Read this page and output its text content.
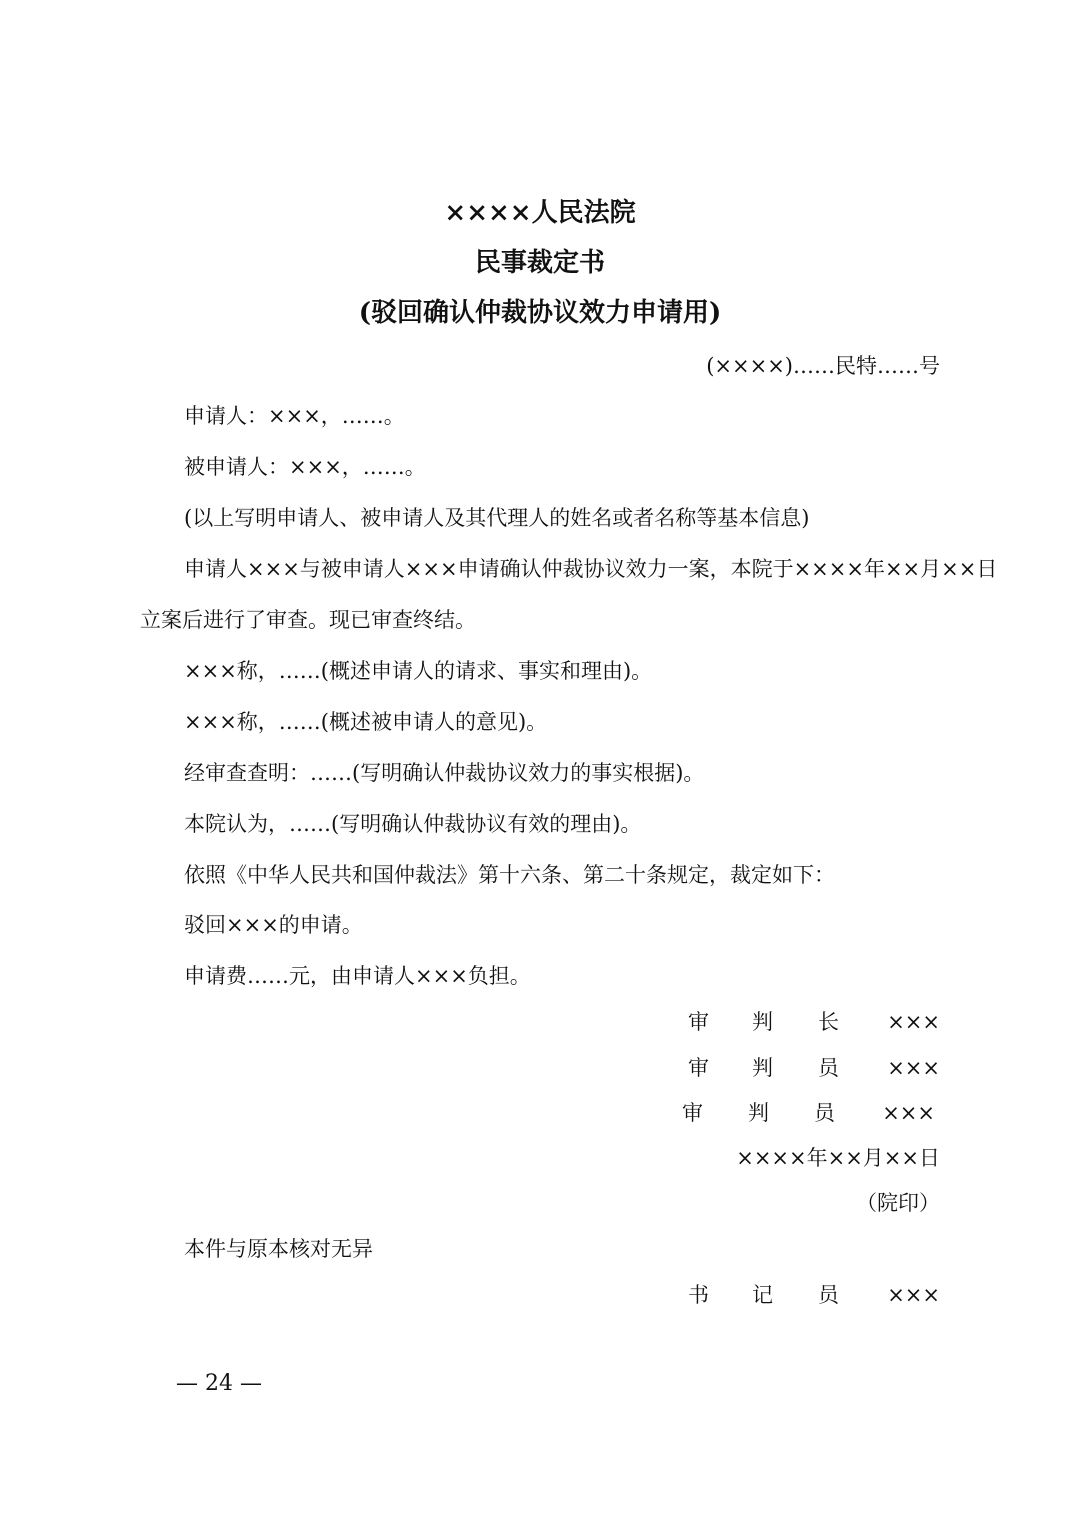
××××人民法院
民事裁定书
(驳回确认仲裁协议效力申请用)
(××××)……民特……号
申请人：×××，……。
被申请人：×××，……。
(以上写明申请人、被申请人及其代理人的姓名或者名称等基本信息)
申请人×××与被申请人×××申请确认仲裁协议效力一案，本院于××××年××月××日
立案后进行了审查。现已审查终结。
×××称，……(概述申请人的请求、事实和理由)。
×××称，……(概述被申请人的意见)。
经审查查明：……(写明确认仲裁协议效力的事实根据)。
本院认为，……(写明确认仲裁协议有效的理由)。
依照《中华人民共和国仲裁法》第十六条、第二十条规定，裁定如下：
驳回×××的申请。
申请费……元，由申请人×××负担。
审 判 长 ×××
审 判 员 ×××
审 判 员 ×××
××××年××月××日
（院印）
本件与原本核对无异
书 记 员 ×××
— 24 —
